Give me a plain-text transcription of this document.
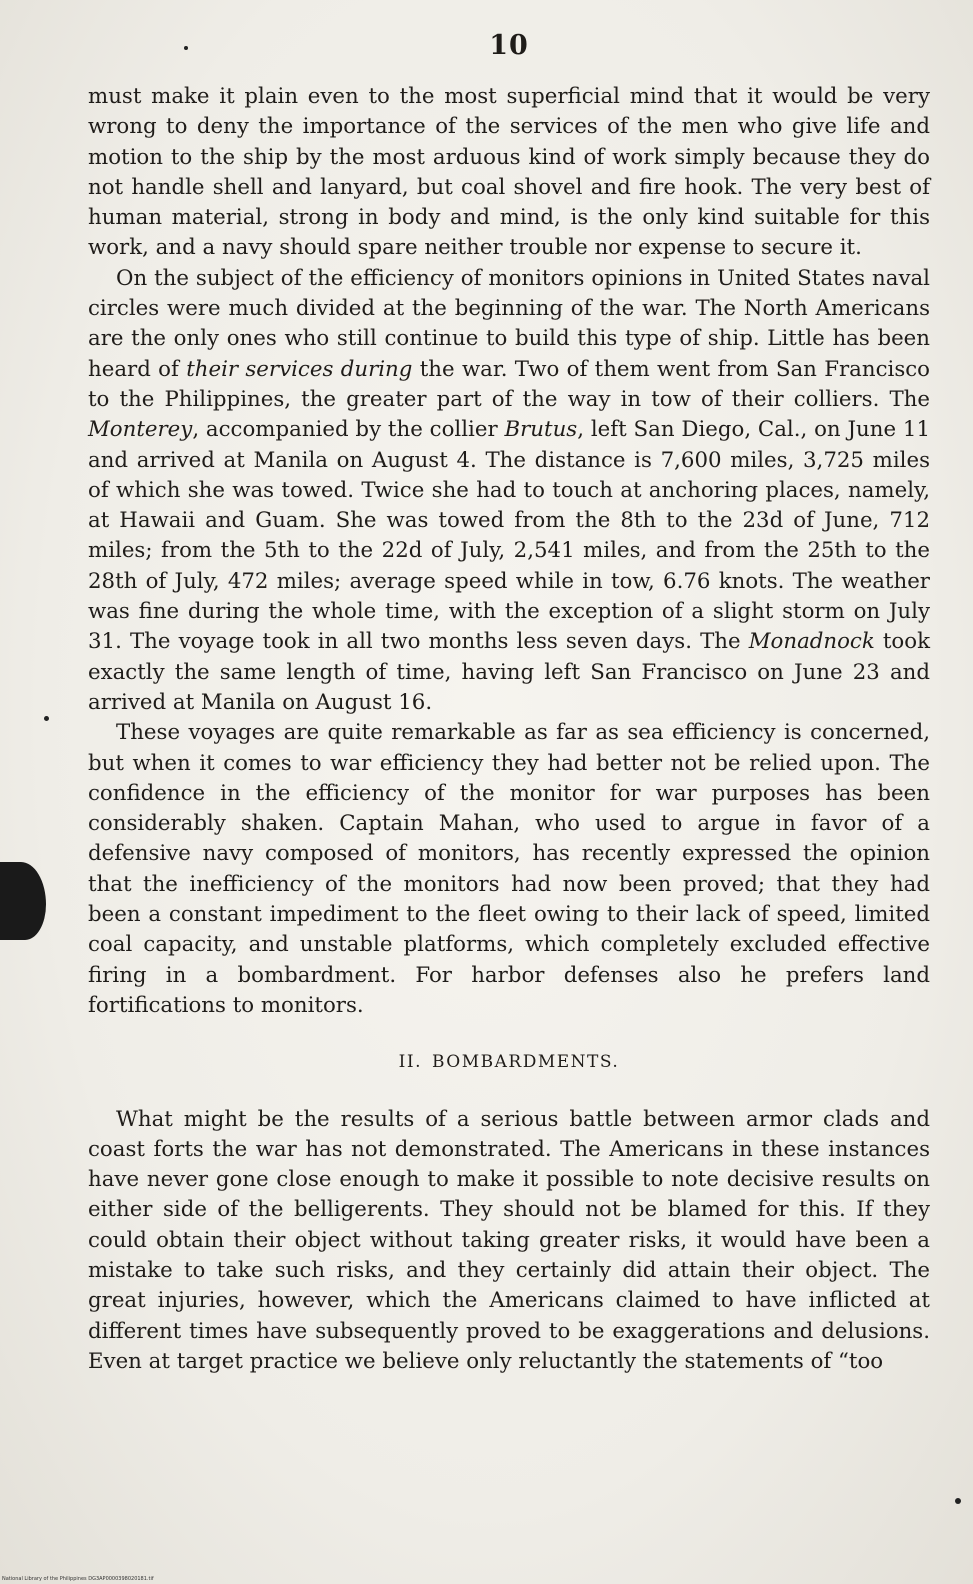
10

must make it plain even to the most superficial mind that it would be very wrong to deny the importance of the services of the men who give life and motion to the ship by the most arduous kind of work simply because they do not handle shell and lanyard, but coal shovel and fire hook. The very best of human material, strong in body and mind, is the only kind suitable for this work, and a navy should spare neither trouble nor expense to secure it.

On the subject of the efficiency of monitors opinions in United States naval circles were much divided at the beginning of the war. The North Americans are the only ones who still continue to build this type of ship. Little has been heard of their services during the war. Two of them went from San Francisco to the Philippines, the greater part of the way in tow of their colliers. The Monterey, accompanied by the collier Brutus, left San Diego, Cal., on June 11 and arrived at Manila on August 4. The distance is 7,600 miles, 3,725 miles of which she was towed. Twice she had to touch at anchoring places, namely, at Hawaii and Guam. She was towed from the 8th to the 23d of June, 712 miles; from the 5th to the 22d of July, 2,541 miles, and from the 25th to the 28th of July, 472 miles; average speed while in tow, 6.76 knots. The weather was fine during the whole time, with the exception of a slight storm on July 31. The voyage took in all two months less seven days. The Monadnock took exactly the same length of time, having left San Francisco on June 23 and arrived at Manila on August 16.

These voyages are quite remarkable as far as sea efficiency is concerned, but when it comes to war efficiency they had better not be relied upon. The confidence in the efficiency of the monitor for war purposes has been considerably shaken. Captain Mahan, who used to argue in favor of a defensive navy composed of monitors, has recently expressed the opinion that the inefficiency of the monitors had now been proved; that they had been a constant impediment to the fleet owing to their lack of speed, limited coal capacity, and unstable platforms, which completely excluded effective firing in a bombardment. For harbor defenses also he prefers land fortifications to monitors.

II. BOMBARDMENTS.

What might be the results of a serious battle between armor clads and coast forts the war has not demonstrated. The Americans in these instances have never gone close enough to make it possible to note decisive results on either side of the belligerents. They should not be blamed for this. If they could obtain their object without taking greater risks, it would have been a mistake to take such risks, and they certainly did attain their object. The great injuries, however, which the Americans claimed to have inflicted at different times have subsequently proved to be exaggerations and delusions. Even at target practice we believe only reluctantly the statements of “too

National Library of the Philippines DG3AP0000398020181.tif
